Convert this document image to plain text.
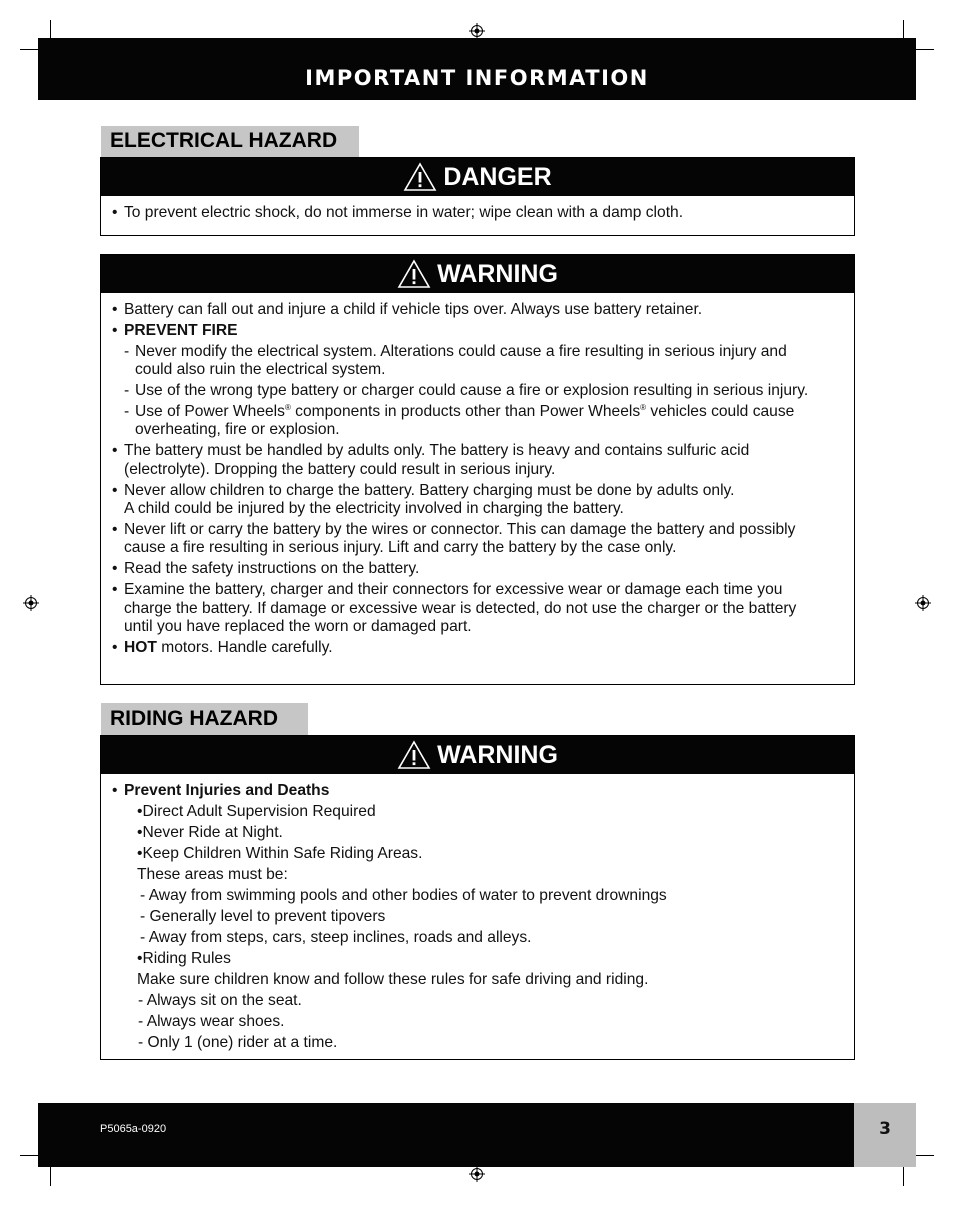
IMPORTANT INFORMATION
ELECTRICAL HAZARD
DANGER
• To prevent electric shock, do not immerse in water; wipe clean with a damp cloth.
WARNING
• Battery can fall out and injure a child if vehicle tips over. Always use battery retainer.
• PREVENT FIRE
- Never modify the electrical system. Alterations could cause a fire resulting in serious injury and could also ruin the electrical system.
- Use of the wrong type battery or charger could cause a fire or explosion resulting in serious injury.
- Use of Power Wheels® components in products other than Power Wheels® vehicles could cause overheating, fire or explosion.
• The battery must be handled by adults only. The battery is heavy and contains sulfuric acid (electrolyte). Dropping the battery could result in serious injury.
• Never allow children to charge the battery. Battery charging must be done by adults only.
A child could be injured by the electricity involved in charging the battery.
• Never lift or carry the battery by the wires or connector. This can damage the battery and possibly cause a fire resulting in serious injury. Lift and carry the battery by the case only.
• Read the safety instructions on the battery.
• Examine the battery, charger and their connectors for excessive wear or damage each time you charge the battery. If damage or excessive wear is detected, do not use the charger or the battery until you have replaced the worn or damaged part.
• HOT motors. Handle carefully.
RIDING HAZARD
WARNING
• Prevent Injuries and Deaths
•Direct Adult Supervision Required
•Never Ride at Night.
•Keep Children Within Safe Riding Areas.
These areas must be:
- Away from swimming pools and other bodies of water to prevent drownings
- Generally level to prevent tipovers
- Away from steps, cars, steep inclines, roads and alleys.
•Riding Rules
Make sure children know and follow these rules for safe driving and riding.
- Always sit on the seat.
- Always wear shoes.
- Only 1 (one) rider at a time.
P5065a-0920	3
